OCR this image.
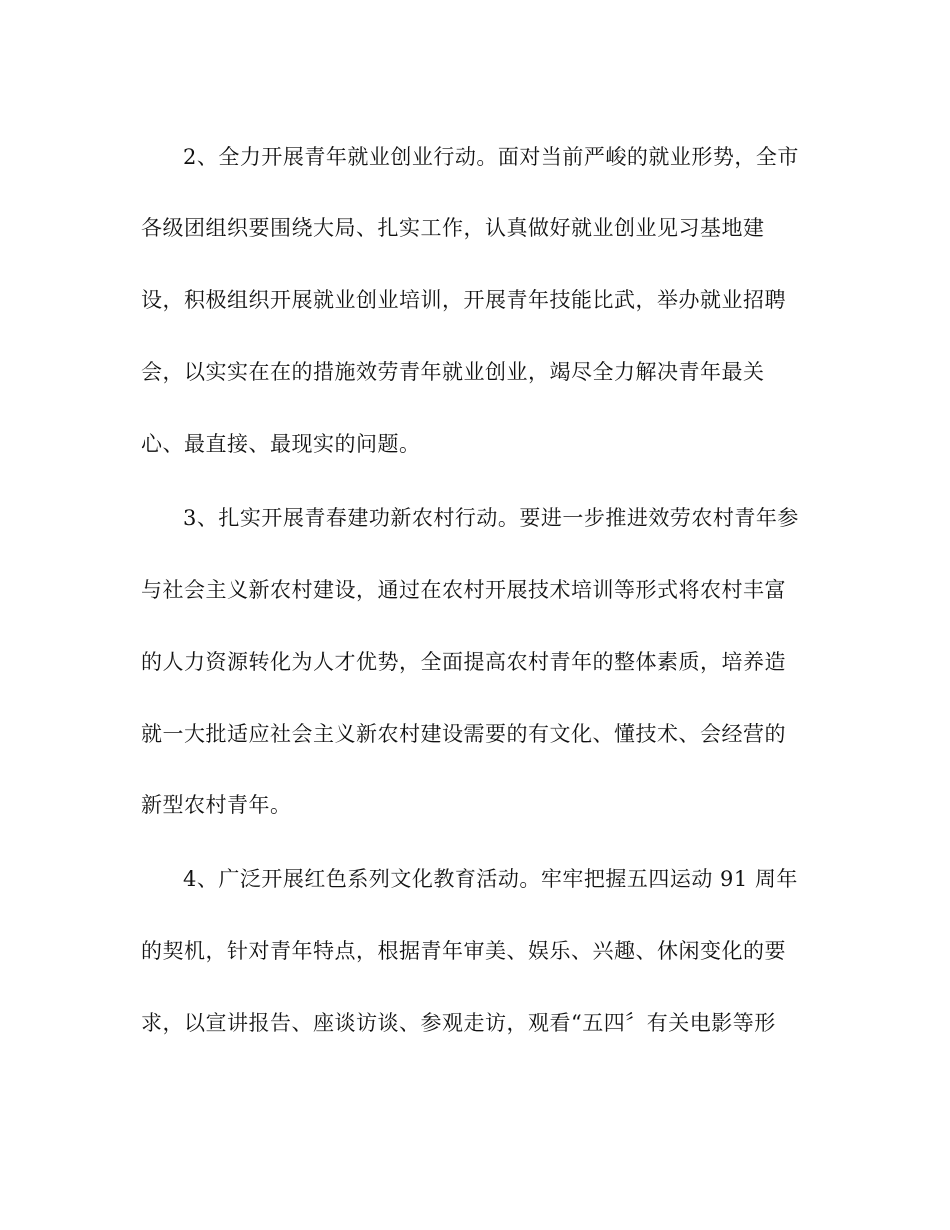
2、全力开展青年就业创业行动。面对当前严峻的就业形势，全市
各级团组织要围绕大局、扎实工作，认真做好就业创业见习基地建
设，积极组织开展就业创业培训，开展青年技能比武，举办就业招聘
会，以实实在在的措施效劳青年就业创业，竭尽全力解决青年最关
心、最直接、最现实的问题。
3、扎实开展青春建功新农村行动。要进一步推进效劳农村青年参
与社会主义新农村建设，通过在农村开展技术培训等形式将农村丰富
的人力资源转化为人才优势，全面提高农村青年的整体素质，培养造
就一大批适应社会主义新农村建设需要的有文化、懂技术、会经营的
新型农村青年。
4、广泛开展红色系列文化教育活动。牢牢把握五四运动 91 周年
的契机，针对青年特点，根据青年审美、娱乐、兴趣、休闲变化的要
求，以宣讲报告、座谈访谈、参观走访，观看“五四〞有关电影等形
